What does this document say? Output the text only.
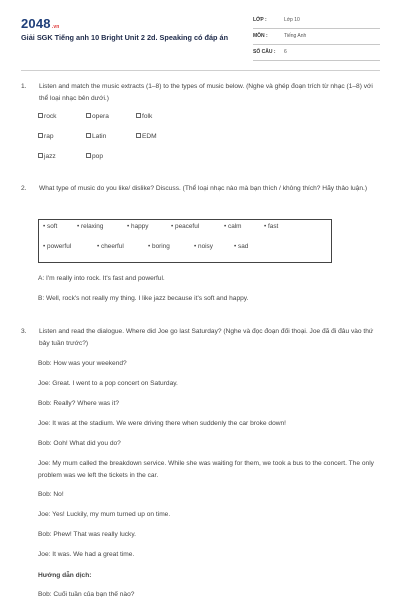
2048.vn
Giải SGK Tiếng anh 10 Bright Unit 2 2d. Speaking có đáp án
LỚP :	Lớp 10
MÔN :	Tiếng Anh
SỐ CÂU : 6
1. Listen and match the music extracts (1–8) to the types of music below. (Nghe và ghép đoạn trích từ nhạc (1–8) với thể loại nhạc bên dưới.)
rock	opera	folk
rap	Latin	EDM
jazz	pop
2. What type of music do you like/ dislike? Discuss. (Thể loại nhạc nào mà bạn thích / không thích? Hãy thảo luận.)
• soft	• relaxing	• happy	• peaceful	• calm	• fast
• powerful	• cheerful	• boring	• noisy	• sad
A: I'm really into rock. It's fast and powerful.
B: Well, rock's not really my thing. I like jazz because it's soft and happy.
3. Listen and read the dialogue. Where did Joe go last Saturday? (Nghe và đọc đoạn đối thoại. Joe đã đi đâu vào thứ bảy tuần trước?)
Bob: How was your weekend?
Joe: Great. I went to a pop concert on Saturday.
Bob: Really? Where was it?
Joe: It was at the stadium. We were driving there when suddenly the car broke down!
Bob: Ooh! What did you do?
Joe: My mum called the breakdown service. While she was waiting for them, we took a bus to the concert. The only problem was we left the tickets in the car.
Bob: No!
Joe: Yes! Luckily, my mum turned up on time.
Bob: Phew! That was really lucky.
Joe: It was. We had a great time.
Hướng dẫn dịch:
Bob: Cuối tuần của bạn thế nào?
